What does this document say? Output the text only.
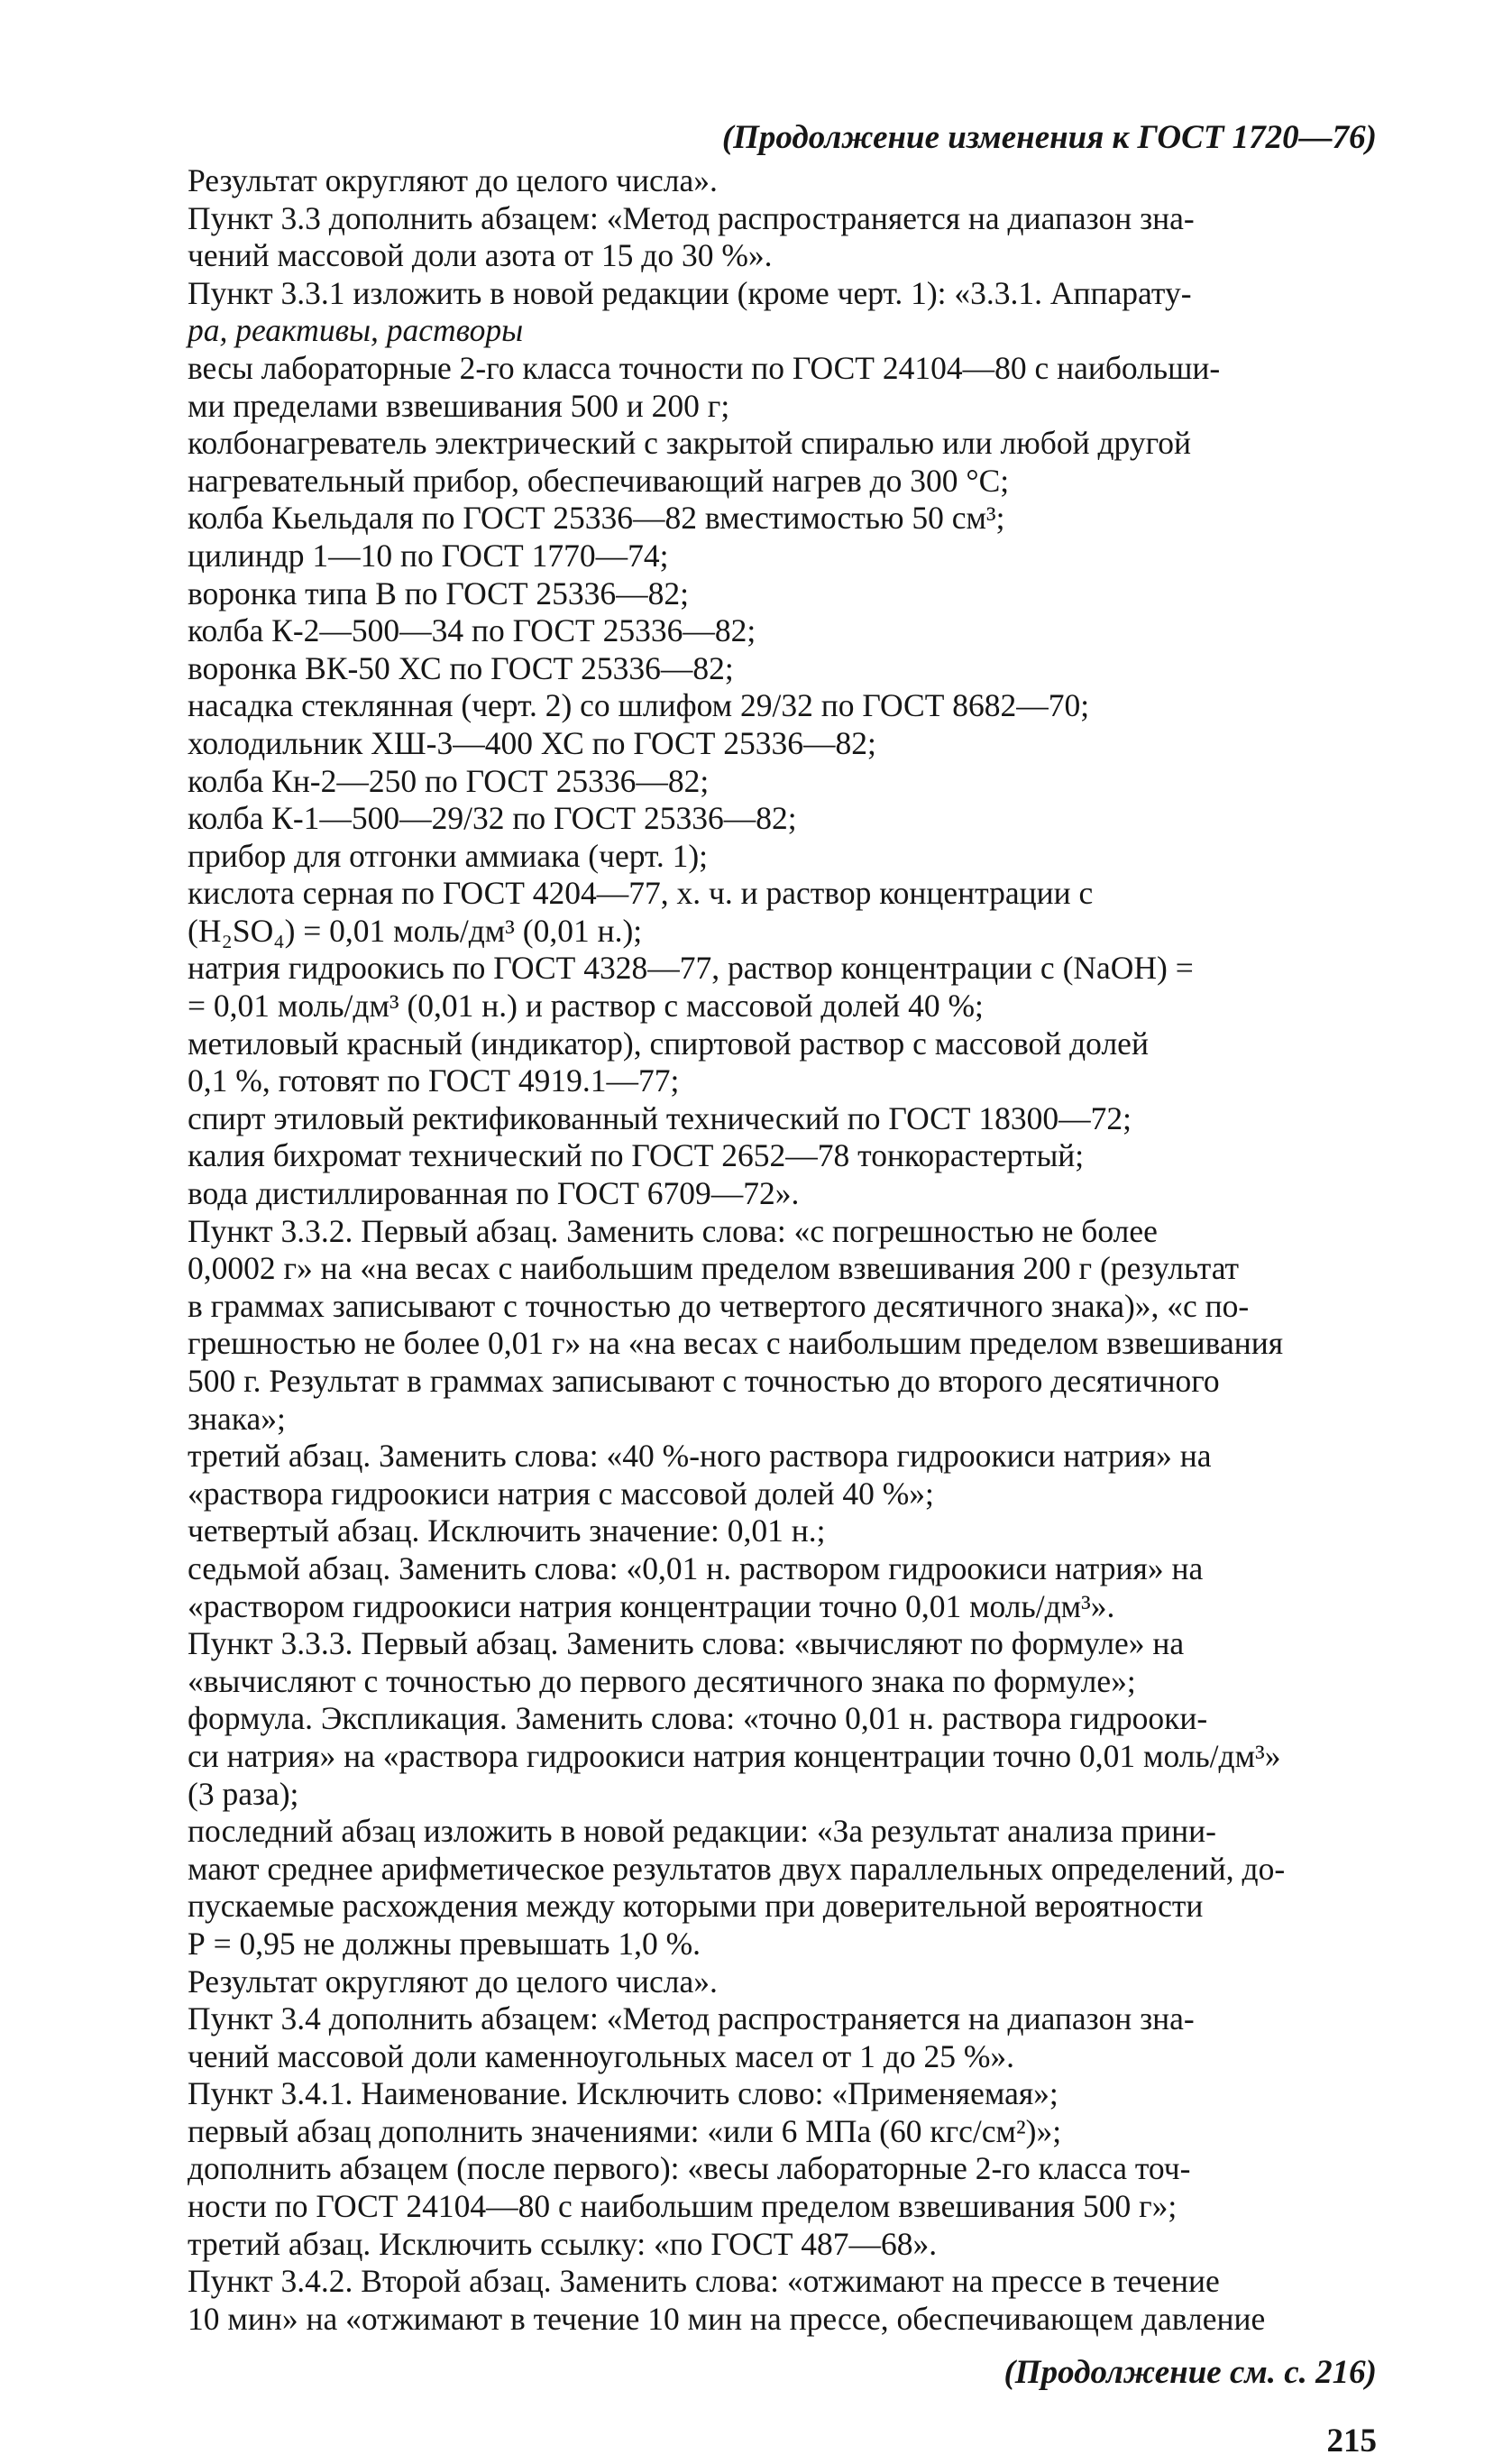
(Продолжение изменения к ГОСТ 1720—76)

Результат округляют до целого числа».

Пункт 3.3 дополнить абзацем: «Метод распространяется на диапазон зна-

чений массовой доли азота от 15 до 30 %».

Пункт 3.3.1 изложить в новой редакции (кроме черт. 1): «3.3.1. Аппарату-

ра, реактивы, растворы

весы лабораторные 2-го класса точности по ГОСТ 24104—80 с наибольши-

ми пределами взвешивания 500 и 200 г;

колбонагреватель электрический с закрытой спиралью или любой другой

нагревательный прибор, обеспечивающий нагрев до 300 °С;

колба Кьельдаля по ГОСТ 25336—82 вместимостью 50 см³;

цилиндр 1—10 по ГОСТ 1770—74;

воронка типа В по ГОСТ 25336—82;

колба К-2—500—34 по ГОСТ 25336—82;

воронка ВК-50 ХС по ГОСТ 25336—82;

насадка стеклянная (черт. 2) со шлифом 29/32 по ГОСТ 8682—70;

холодильник ХШ-3—400 ХС по ГОСТ 25336—82;

колба Кн-2—250 по ГОСТ 25336—82;

колба К-1—500—29/32 по ГОСТ 25336—82;

прибор для отгонки аммиака (черт. 1);

кислота серная по ГОСТ 4204—77, х. ч. и раствор концентрации с

(H₂SO₄) = 0,01 моль/дм³ (0,01 н.);

натрия гидроокись по ГОСТ 4328—77, раствор концентрации с (NaOH) =

= 0,01 моль/дм³ (0,01 н.) и раствор с массовой долей 40 %;

метиловый красный (индикатор), спиртовой раствор с массовой долей

0,1 %, готовят по ГОСТ 4919.1—77;

спирт этиловый ректификованный технический по ГОСТ 18300—72;

калия бихромат технический по ГОСТ 2652—78 тонкорастертый;

вода дистиллированная по ГОСТ 6709—72».

Пункт 3.3.2. Первый абзац. Заменить слова: «с погрешностью не более

0,0002 г» на «на весах с наибольшим пределом взвешивания 200 г (результат

в граммах записывают с точностью до четвертого десятичного знака)», «с по-

грешностью не более 0,01 г» на «на весах с наибольшим пределом взвешивания

500 г. Результат в граммах записывают с точностью до второго десятичного

знака»;

третий абзац. Заменить слова: «40 %-ного раствора гидроокиси натрия» на

«раствора гидроокиси натрия с массовой долей 40 %»;

четвертый абзац. Исключить значение: 0,01 н.;

седьмой абзац. Заменить слова: «0,01 н. раствором гидроокиси натрия» на

«раствором гидроокиси натрия концентрации точно 0,01 моль/дм³».

Пункт 3.3.3. Первый абзац. Заменить слова: «вычисляют по формуле» на

«вычисляют с точностью до первого десятичного знака по формуле»;

формула. Экспликация. Заменить слова: «точно 0,01 н. раствора гидрооки-

си натрия» на «раствора гидроокиси натрия концентрации точно 0,01 моль/дм³»

(3 раза);

последний абзац изложить в новой редакции: «За результат анализа прини-

мают среднее арифметическое результатов двух параллельных определений, до-

пускаемые расхождения между которыми при доверительной вероятности

Р = 0,95 не должны превышать 1,0 %.

Результат округляют до целого числа».

Пункт 3.4 дополнить абзацем: «Метод распространяется на диапазон зна-

чений массовой доли каменноугольных масел от 1 до 25 %».

Пункт 3.4.1. Наименование. Исключить слово: «Применяемая»;

первый абзац дополнить значениями: «или 6 МПа (60 кгс/см²)»;

дополнить абзацем (после первого): «весы лабораторные 2-го класса точ-

ности по ГОСТ 24104—80 с наибольшим пределом взвешивания 500 г»;

третий абзац. Исключить ссылку: «по ГОСТ 487—68».

Пункт 3.4.2. Второй абзац. Заменить слова: «отжимают на прессе в течение

10 мин» на «отжимают в течение 10 мин на прессе, обеспечивающем давление

(Продолжение см. с. 216)
215
